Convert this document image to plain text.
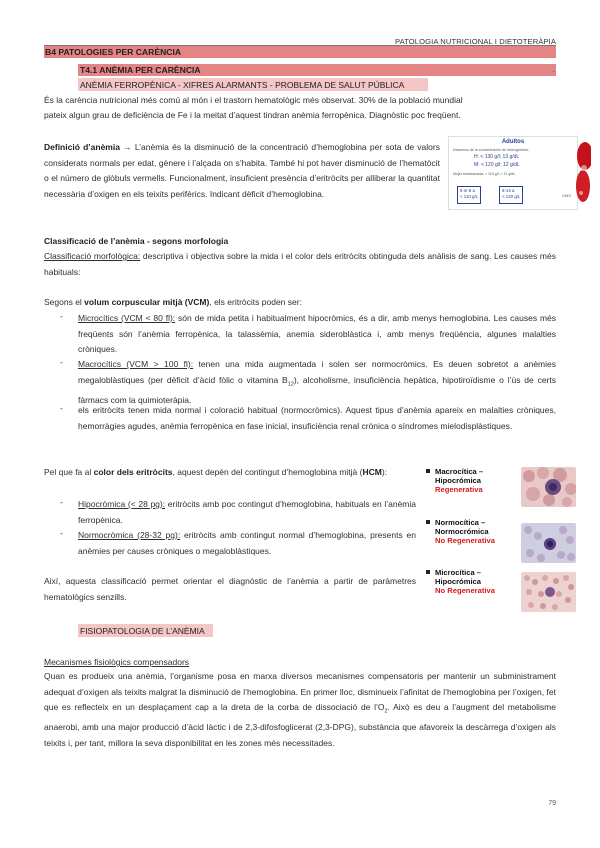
PATOLOGIA NUTRICIONAL I DIETOTERÀPIA
B4 PATOLOGIES PER CARÈNCIA
T4.1 ANÈMIA PER CARÈNCIA	.
ANÈMIA FERROPÈNICA - XIFRES ALARMANTS - PROBLEMA DE SALUT PÚBLICA
És la carència nutricional més comú al món i el trastorn hematològic més observat. 30% de la població mundial
pateix algun grau de deficiència de Fe i la meitat d’aquest tindran anèmia ferropènica. Diagnòstic poc freqüent.
Definició d’anèmia → L’anèmia és la disminució de la concentració d’hemoglobina per sota de valors considerats normals per edat, gènere i l’alçada on s’habita. També hi pot haver disminució de l’hematòcit o el número de glòbuls vermells. Funcionalment, insuficient presència d’eritròcits per alliberar la quantitat necessària d’oxigen en els teixits perifèrics. Indicant dèficit d’hemoglobina.
Adultos
Descenso de la concentración de hemoglobina:
H: < 130 g/l; 13 g/dL
M: < 120 g/l; 12 g/dL
Mujer embarazada: < 110 g/l; < 11 g/dL
6 m-6 a
< 110 g/L
6-14 a
< 120 g/L	OMS
Classificació de l’anèmia - segons morfologia
Classificació morfològica: descriptiva i objectiva sobre la mida i el color dels eritròcits obtinguda dels anàlisis de sang. Les causes més habituals:
Segons el volum corpuscular mitjà (VCM), els eritròcits poden ser:
- Microcítics (VCM < 80 fl): són de mida petita i habitualment hipocròmics, és a dir, amb menys hemoglobina. Les causes més freqüents són l’anèmia ferropènica, la talassèmia, anemia sideroblàstica i, amb menys freqüència, algunes malalties cròniques.
- Macrocítics (VCM > 100 fl): tenen una mida augmentada i solen ser normocròmics. Es deuen sobretot a anèmies megaloblàstiques (per dèficit d’àcid fòlic o vitamina $B_{12}$), alcoholisme, insuficiència hepàtica, hipotiroïdisme o l’ús de certs fàrmacs com la quimioteràpia.
- els eritròcits tenen mida normal i coloració habitual (normocròmics). Aquest tipus d’anèmia apareix en malalties cròniques, hemorràgies agudes, anèmia ferropènica en fase inicial, insuficiència renal crònica o síndromes mielodisplàstiques.
Pel que fa al color dels eritròcits, aquest depèn del contingut d’hemoglobina mitjà (HCM):
- Hipocròmica (< 28 pg): eritròcits amb poc contingut d’hemoglobina, habituals en l’anèmia ferropènica.
- Normocròmica (28-32 pg): eritròcits amb contingut normal d’hemoglobina, presents en anèmies per causes cròniques o megaloblàstiques.
Així, aquesta classificació permet orientar el diagnòstic de l’anèmia a partir de paràmetres hematològics senzills.
Macrocítica –
Hipocrómica
Regenerativa
Normocítica –
Normocrómica
No Regenerativa
Microcítica –
Hipocrómica
No Regenerativa
FISIOPATOLOGIA DE L’ANÈMIA
Mecanismes fisiològics compensadors
Quan es produeix una anèmia, l’organisme posa en marxa diversos mecanismes compensatoris per mantenir un subministrament adequat d’oxigen als teixits malgrat la disminució de l’hemoglobina. En primer lloc, disminueix l’afinitat de l’hemoglobina per l’oxigen, fet que es reflecteix en un desplaçament cap a la dreta de la corba de dissociació de $l’O_2$. Això es deu a l’augment del metabolisme anaerobi, amb una major producció d’àcid làctic i de 2,3-difosfoglicerat (2,3-DPG), substància que afavoreix la descàrrega d’oxigen als teixits i, per tant, millora la seva disponibilitat en les zones més necessitades.
79
